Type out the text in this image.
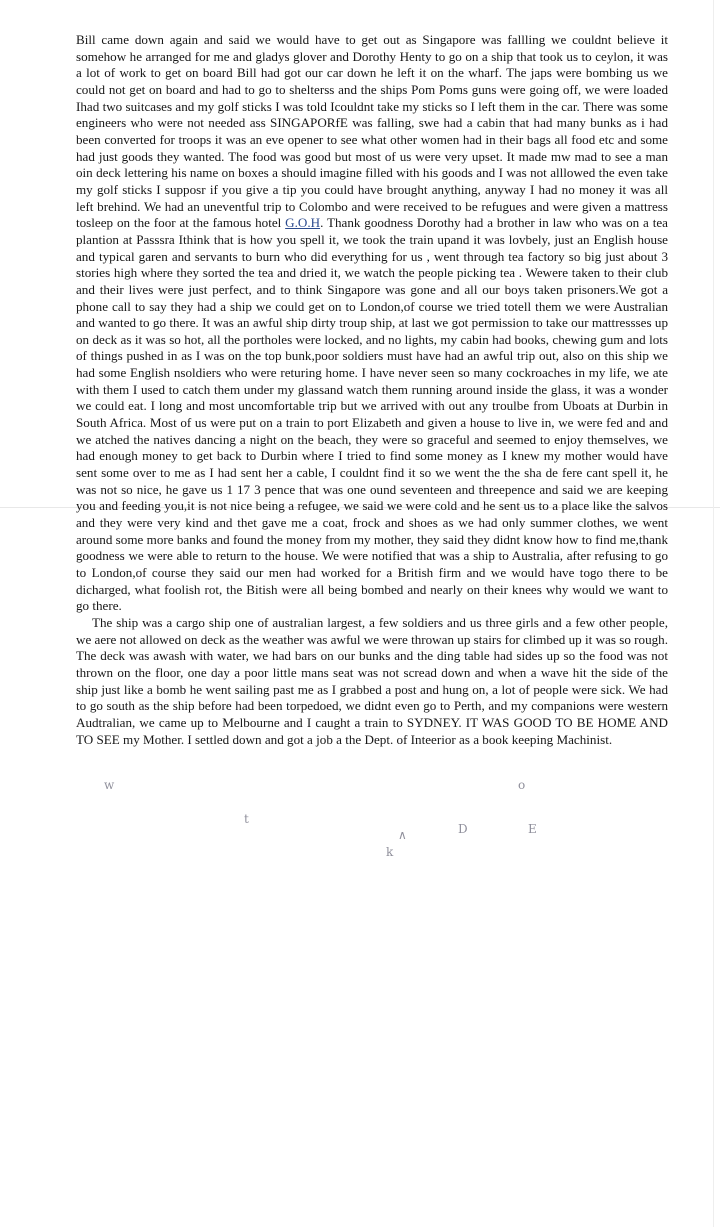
Bill came down again and said we would have to get out as Singapore was fallling we couldnt believe it somehow he arranged for me and gladys glover and Dorothy Henty to go on a ship that took us to ceylon, it was a lot of work to get on board Bill had got our car down he left it on the wharf. The japs were bombing us we could not get on board and had to go to shelterss and the ships Pom Poms guns were going off, we were loaded Ihad two suitcases and my golf sticks I was told Icouldnt take my sticks so I left them in the car. There was some engineers who were not needed ass SINGAPORfE was falling, swe had a cabin that had many bunks as i had been converted for troops it was an eve opener to see what other women had in their bags all food etc and some had just goods they wanted. The food was good but most of us were very upset. It made mw mad to see a man oin deck lettering his name on boxes a should imagine filled with his goods and I was not alllowed the even take my golf sticks I supposr if you give a tip you could have brought anything, anyway I had no money it was all left brehind. We had an uneventful trip to Colombo and were received to be refugues and were given a mattress tosleep on the foor at the famous hotel G.O.H. Thank goodness Dorothy had a brother in law who was on a tea plantion at Passsra Ithink that is how you spell it, we took the train upand it was lovbely, just an English house and typical garen and servants to burn who did everything for us , went through tea factory so big just about 3 stories high where they sorted the tea and dried it, we watch the people picking tea . Wewere taken to their club and their lives were just perfect, and to think Singapore was gone and all our boys taken prisoners.We got a phone call to say they had a ship we could get on to London,of course we tried totell them we were Australian and wanted to go there. It was an awful ship dirty troup ship, at last we got permission to take our mattressses up on deck as it was so hot, all the portholes were locked, and no lights, my cabin had books, chewing gum and lots of things pushed in as I was on the top bunk,poor soldiers must have had an awful trip out, also on this ship we had some English nsoldiers who were returing home. I have never seen so many cockroaches in my life, we ate with them I used to catch them under my glassand watch them running around inside the glass, it was a wonder we could eat. I long and most uncomfortable trip but we arrived with out any troulbe from Uboats at Durbin in South Africa. Most of us were put on a train to port Elizabeth and given a house to live in, we were fed and and we atched the natives dancing a night on the beach, they were so graceful and seemed to enjoy themselves, we had enough money to get back to Durbin where I tried to find some money as I knew my mother would have sent some over to me as I had sent her a cable, I couldnt find it so we went the the sha de fere cant spell it, he was not so nice, he gave us 1 17 3 pence that was one ound seventeen and threepence and said we are keeping you and feeding you,it is not nice being a refugee, we said we were cold and he sent us to a place like the salvos and they were very kind and thet gave me a coat, frock and shoes as we had only summer clothes, we went around some more banks and found the money from my mother, they said they didnt know how to find me,thank goodness we were able to return to the house. We were notified that was a ship to Australia, after refusing to go to London,of course they said our men had worked for a British firm and we would have togo there to be dicharged, what foolish rot, the Bitish were all being bombed and nearly on their knees why would we want to go there.

The ship was a cargo ship one of australian largest, a few soldiers and us three girls and a few other people, we aere not allowed on deck as the weather was awful we were throwan up stairs for climbed up it was so rough. The deck was awash with water, we had bars on our bunks and the ding table had sides up so the food was not thrown on the floor, one day a poor little mans seat was not scread down and when a wave hit the side of the ship just like a bomb he went sailing past me as I grabbed a post and hung on, a lot of people were sick. We had to go south as the ship before had been torpedoed, we didnt even go to Perth, and my companions were western Audtralian, we came up to Melbourne and I caught a train to SYDNEY. IT WAS GOOD TO BE HOME AND TO SEE my Mother. I settled down and got a job a the Dept. of Inteerior as a book keeping Machinist.

w	o
t
∧	D	E
k
